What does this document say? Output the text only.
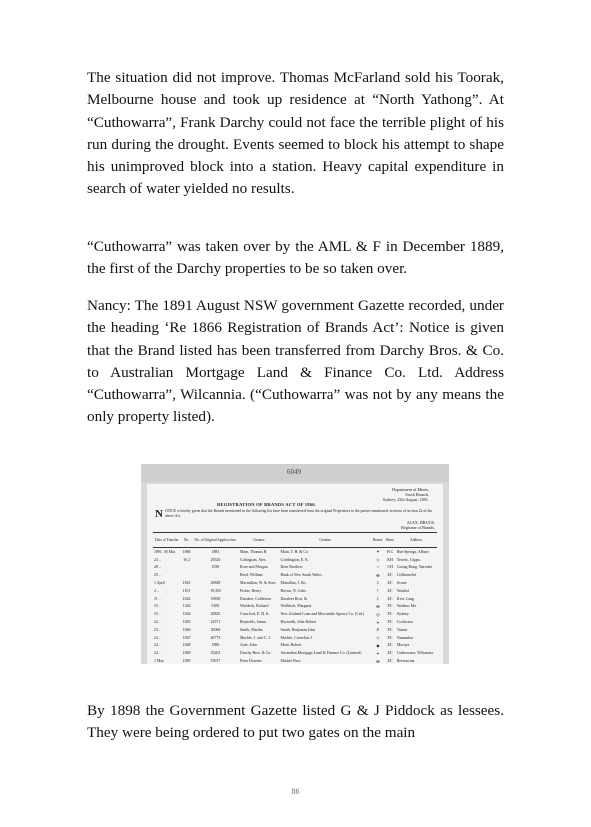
The situation did not improve. Thomas McFarland sold his Toorak, Melbourne house and took up residence at “North Yathong”. At “Cuthowarra”, Frank Darchy could not face the terrible plight of his run during the drought. Events seemed to block his attempt to shape his unimproved block into a station. Heavy capital expenditure in search of water yielded no results.

“Cuthowarra” was taken over by the AML & F in December 1889, the first of the Darchy properties to be so taken over.

Nancy: The 1891 August NSW government Gazette recorded, under the heading ‘Re 1866 Registration of Brands Act’: Notice is given that the Brand listed has been transferred from Darchy Bros. & Co. to Australian Mortgage Land & Finance Co. Ltd. Address “Cuthowarra”, Wilcannia. (“Cuthowarra” was not by any means the only property listed).

6049
Department of Mines,
Stock Branch,
Sydney, 25th August, 1891.
REGISTRATION OF BRANDS ACT OF 1866.
NOTICE is hereby given that the Brands mentioned in the following list have been transferred from the original Proprietors to the parties mentioned, in terms of section 22 of the above Act.
ALEX. BRUCE,
Registrar of Brands.
Date of Transfer.	No.	No. of Original Applica-tion.	Grantor.	Grantee.	Brand.	Sheet.	Address.
1891. 30 Mar.	1866	1883	Main, Thomas H.	Main, T. H. & Co.	✦	H C	Bue Springs, Albury
24 ..	16 2	29520	Cobington, Alex.	Coddington, E. K.	◇	KH	Terrelo, Gippa.
28 ..		1038	Rose and Morgan	Rose Brothers	○	CH	Goong Bong, Narrabri
25 ..			Reed, William	Bank of New South Wales	✠	EC	Collarenebri
1 April	1841	20848	Macmillan, W. & Sons	Mamillan, J. &c.	‡	EC	Scruie
2 ..	1101	19,392	Fisher, Henry	Brown, N. Giles	†	EC	Wanliol
11 ..	1842	10830	Daraleer, Cobleston	Daraleer Bros. &	‡	EC	Kew, Lang
15 ..	1343	9100	Wuldock, Richard	Walldock, Margaret	✠	EC	Wadina, Ma.
15 ..	1844	20820	Crawford, E. H. K.	New Zealand Loan and Mercantile Agency Co. (Ltd.)	◎	EC	Sydney.
22 ..	1845	22571	Reynolds, James	Reynolds, John Robert	✦	EC	Coolacina
23 ..	1846	30006	Smith, Martha	Smith, Benjamin John	✗	EC	Tumut
24 ..	1847	46773	Mackle, J. and C. J.	Mackle, Cornelius J.	◇	EC	Nanambra
24 ..	1848	1886	Auer, John	Main, Robert	◆	EC	Moruya
24 ..	1849	45203	Darchy Bros. & Co.	Australian Mortgage Land & Finance Co. (Limited)	✦	EC	Cuthowarra, Wilcannia
1 May	1850	19017	Peter Dowens	Mackle Bros	✠	EC	Brewarrina

By 1898 the Government Gazette listed G & J Piddock as lessees. They were being ordered to put two gates on the main

86
